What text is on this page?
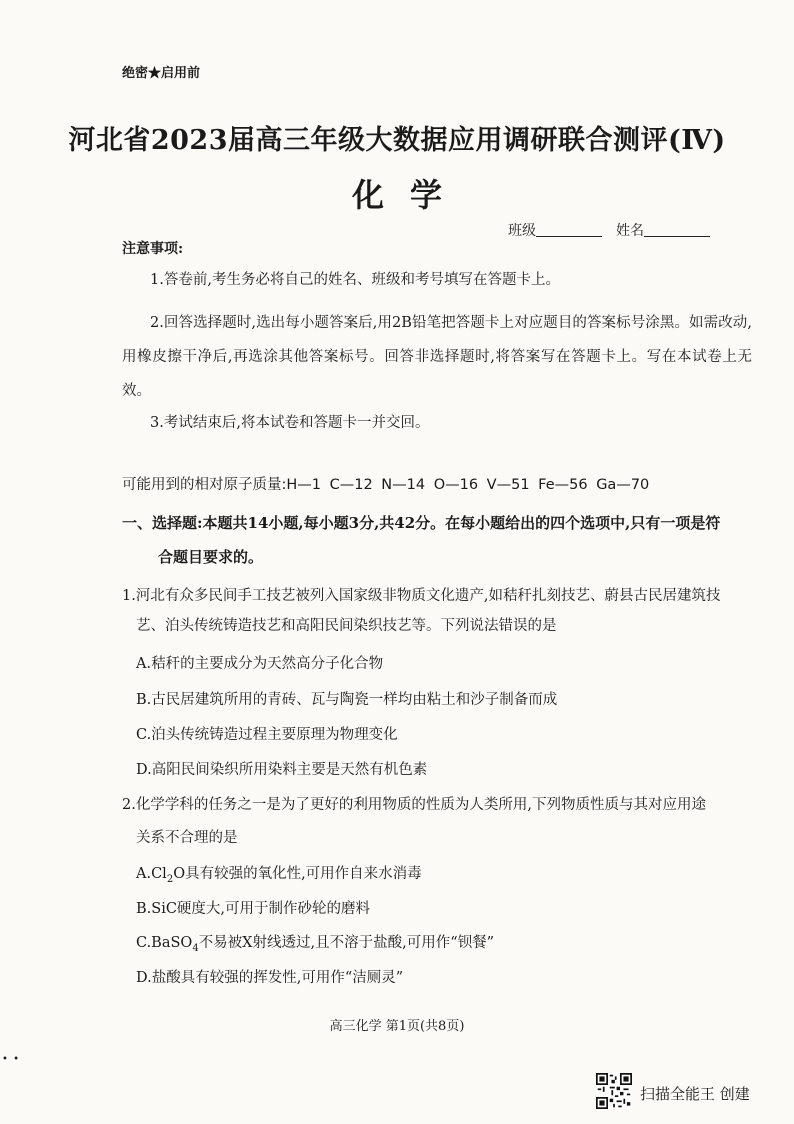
绝密★启用前
河北省2023届高三年级大数据应用调研联合测评(Ⅳ)
化学
班级	姓名
注意事项:
1.答卷前,考生务必将自己的姓名、班级和考号填写在答题卡上。
2.回答选择题时,选出每小题答案后,用2B铅笔把答题卡上对应题目的答案标号涂黑。如需改动,用橡皮擦干净后,再选涂其他答案标号。回答非选择题时,将答案写在答题卡上。写在本试卷上无效。
3.考试结束后,将本试卷和答题卡一并交回。
可能用到的相对原子质量:H—1 C—12 N—14 O—16 V—51 Fe—56 Ga—70
一、选择题:本题共14小题,每小题3分,共42分。在每小题给出的四个选项中,只有一项是符
合题目要求的。
1.河北有众多民间手工技艺被列入国家级非物质文化遗产,如秸秆扎刻技艺、蔚县古民居建筑技
艺、泊头传统铸造技艺和高阳民间染织技艺等。下列说法错误的是
A.秸秆的主要成分为天然高分子化合物
B.古民居建筑所用的青砖、瓦与陶瓷一样均由粘土和沙子制备而成
C.泊头传统铸造过程主要原理为物理变化
D.高阳民间染织所用染料主要是天然有机色素
2.化学学科的任务之一是为了更好的利用物质的性质为人类所用,下列物质性质与其对应用途
关系不合理的是
$A.Cl_2O$具有较强的氧化性,可用作自来水消毒
B.SiC硬度大,可用于制作砂轮的磨料
C.BaSO$_4$不易被X射线透过,且不溶于盐酸,可用作“钡餐”
D.盐酸具有较强的挥发性,可用作“洁厕灵”
高三化学 第1页(共8页)
• •
扫描全能王 创建
